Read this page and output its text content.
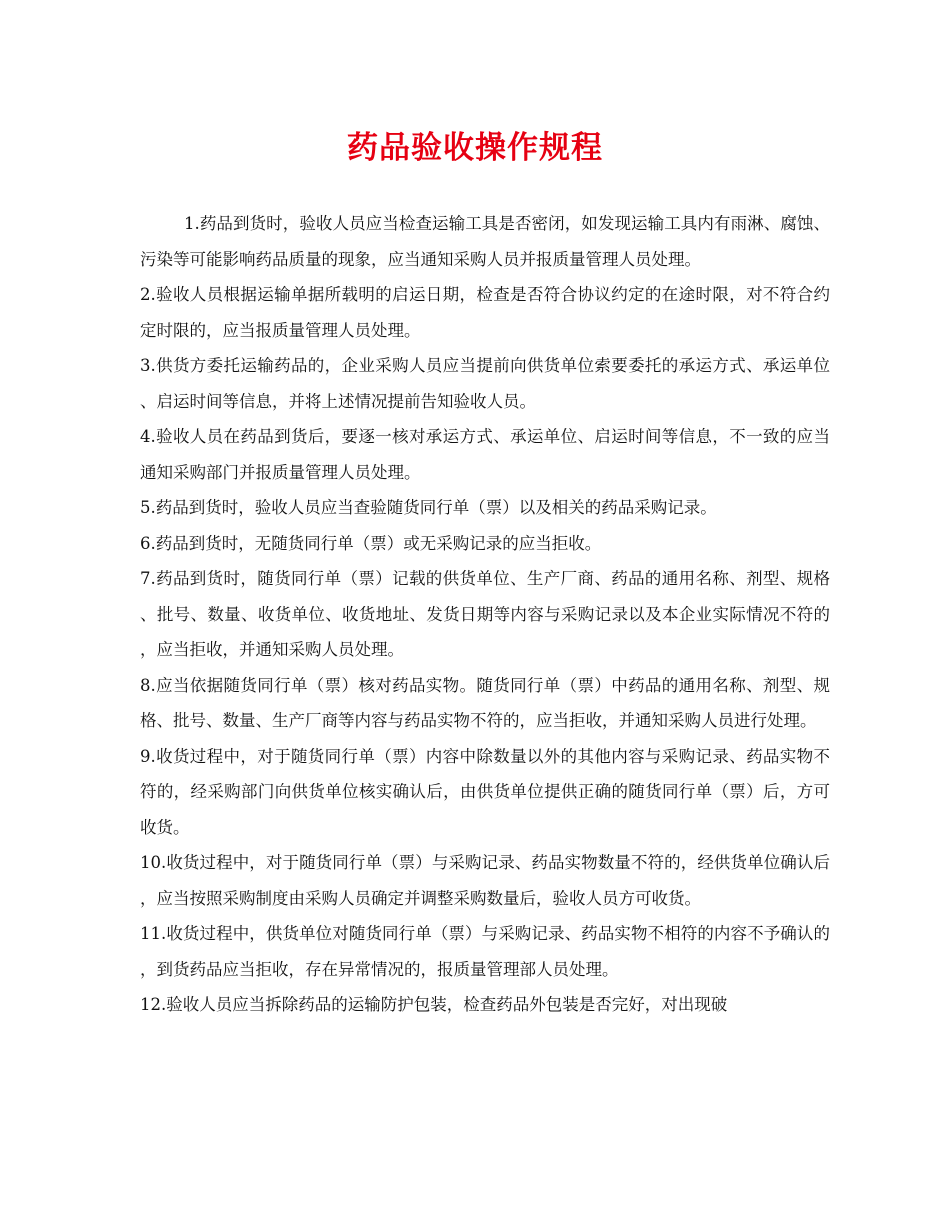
药品验收操作规程

1.药品到货时，验收人员应当检查运输工具是否密闭，如发现运输工具内有雨淋、腐蚀、污染等可能影响药品质量的现象，应当通知采购人员并报质量管理人员处理。

2.验收人员根据运输单据所载明的启运日期，检查是否符合协议约定的在途时限，对不符合约定时限的，应当报质量管理人员处理。

3.供货方委托运输药品的，企业采购人员应当提前向供货单位索要委托的承运方式、承运单位、启运时间等信息，并将上述情况提前告知验收人员。

4.验收人员在药品到货后，要逐一核对承运方式、承运单位、启运时间等信息，不一致的应当通知采购部门并报质量管理人员处理。

5.药品到货时，验收人员应当查验随货同行单（票）以及相关的药品采购记录。

6.药品到货时，无随货同行单（票）或无采购记录的应当拒收。

7.药品到货时，随货同行单（票）记载的供货单位、生产厂商、药品的通用名称、剂型、规格、批号、数量、收货单位、收货地址、发货日期等内容与采购记录以及本企业实际情况不符的，应当拒收，并通知采购人员处理。

8.应当依据随货同行单（票）核对药品实物。随货同行单（票）中药品的通用名称、剂型、规格、批号、数量、生产厂商等内容与药品实物不符的，应当拒收，并通知采购人员进行处理。

9.收货过程中，对于随货同行单（票）内容中除数量以外的其他内容与采购记录、药品实物不符的，经采购部门向供货单位核实确认后，由供货单位提供正确的随货同行单（票）后，方可收货。

10.收货过程中，对于随货同行单（票）与采购记录、药品实物数量不符的，经供货单位确认后，应当按照采购制度由采购人员确定并调整采购数量后，验收人员方可收货。

11.收货过程中，供货单位对随货同行单（票）与采购记录、药品实物不相符的内容不予确认的，到货药品应当拒收，存在异常情况的，报质量管理部人员处理。

12.验收人员应当拆除药品的运输防护包装，检查药品外包装是否完好，对出现破
